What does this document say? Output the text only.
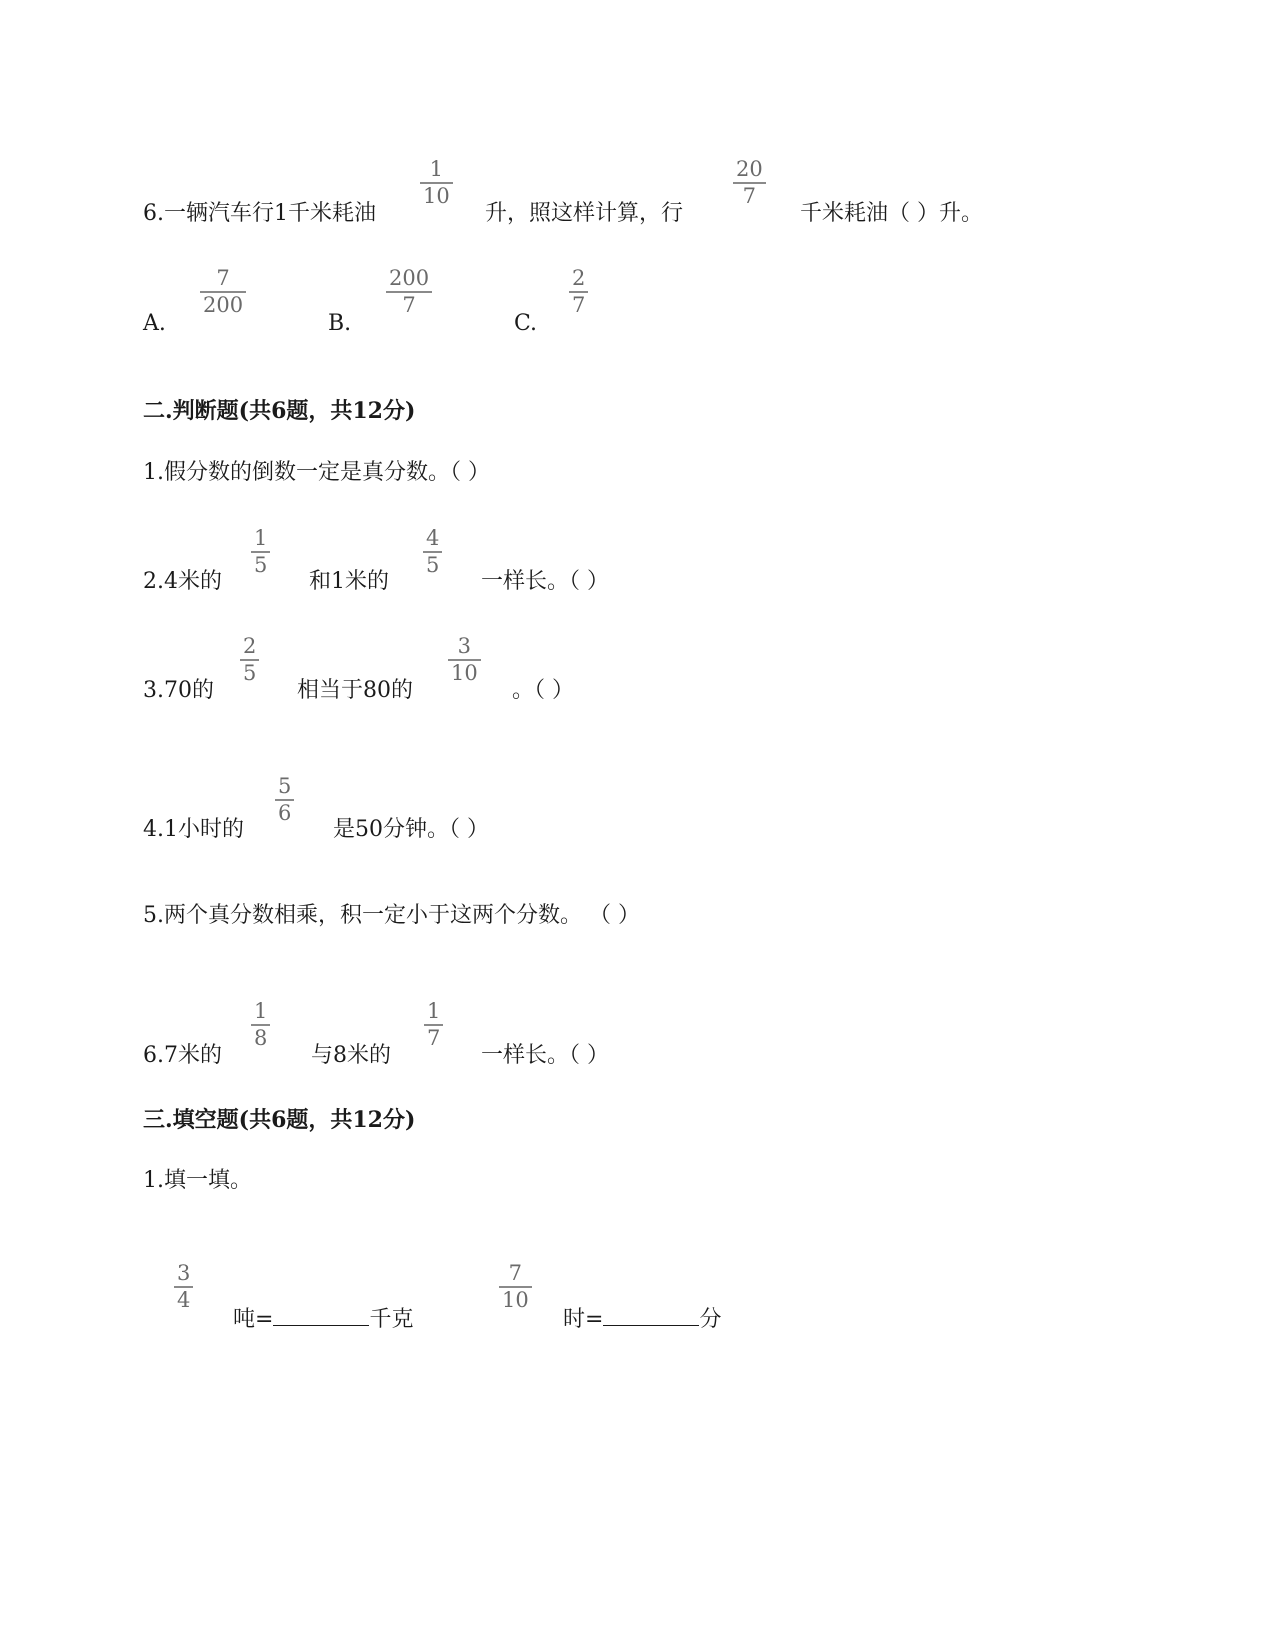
6.一辆汽车行1千米耗油
1
10
升，照这样计算，行
20
7
千米耗油（ ）升。
A.
7
200
B.
200
7
C.
2
7
二.判断题(共6题，共12分)
1.假分数的倒数一定是真分数。（ ）
2.4米的
1
5
和1米的
4
5
一样长。（ ）
3.70的
2
5
相当于80的
3
10
。（ ）
4.1小时的
5
6
是50分钟。（ ）
5.两个真分数相乘，积一定小于这两个分数。 （ ）
6.7米的
1
8
与8米的
1
7
一样长。（ ）
三.填空题(共6题，共12分)
1.填一填。
3
4
吨=	千克
7
10
时=	分
